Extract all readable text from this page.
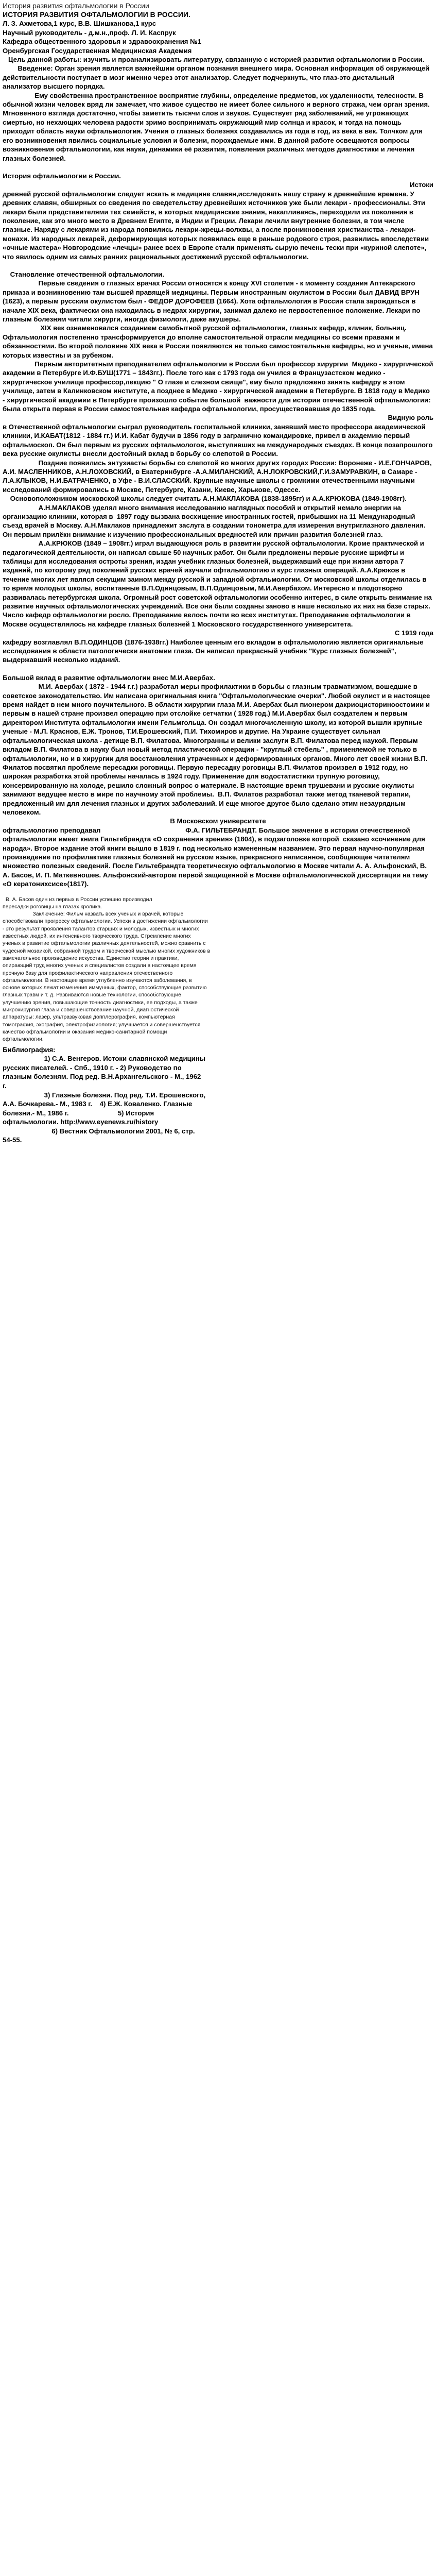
История развития офтальмологии в России

ИСТОРИЯ РАЗВИТИЯ ОФТАЛЬМОЛОГИИ В РОССИИ.

Л. З. Ахметова,1 курс, В.В. Шишканова,1 курс

Научный руководитель - д.м.н.,проф. Л. И. Каспрук

Кафедра общественного здоровья и здравоохранения №1

Оренбургская Государственная Медицинская Академия

Цель данной работы: изучить и проанализировать литературу, связанную с историей развития офтальмологии в России.

Введение: Орган зрения является важнейшим органом познания внешнего мира. Основная информация об окружающей действительности поступает в мозг именно через этот анализатор. Следует подчеркнуть, что глаз-это дистальный анализатор высшего порядка.

Ему свойственна пространственное восприятие глубины, определение предметов, их удаленности, телесности. В обычной жизни человек вряд ли замечает, что живое существо не имеет более сильного и верного стража, чем орган зрения. Мгновенного взгляда достаточно, чтобы заметить тысячи слов и звуков. Существует ряд заболеваний, не угрожающих смертью, но нехающих человека радости зримо воспринимать окружающий мир солнца и красок, и тогда на помощь приходит область науки офтальмология. Учения о глазных болезнях создавались из года в год, из века в век. Толчком для его возникновения явились социальные условия и болезни, порождаемые ими. В данной работе освещаются вопросы возникновения офтальмологии, как науки, динамики её развития, появления различных методов диагностики и лечения глазных болезней.

История офтальмологии в России.

Истоки

древней русской офтальмологии следует искать в медицине славян,исследовать нашу страну в древнейшие времена. У древних славян, обширных со сведения по сведетельству древнейших источников уже были лекари - профессионалы. Эти лекари были представителями тех семейств, в которых медицинские знания, накапливаясь, переходили из поколения в поколение, как это много место в Древнем Египте, в Индии и Греции. Лекари лечили внутренние болезни, в том числе глазные. Наряду с лекарями из народа появились лекари-жрецы-волхвы, а после проникновения христианства - лекари-монахи. Из народных лекарей, деформирующая которых появилась еще в раньше родового строя, развились впоследствии «очные мастера» Новгородские «лечцы» ранее всех в Европе стали применять сырую печень тески при «куриной слепоте», что явилось одним из самых ранних рациональных достижений русской офтальмологии.

Становление отечественной офтальмологии.

Первые сведения о глазных врачах России относятся к концу XVI столетия - к моменту создания Аптекарского приказа и возникновению там высшей правящей медицины. Первым иностранным окулистом в России был ДАВИД ВРУН (1623), а первым русским окулистом был - ФЕДОР ДОРОФЕЕВ (1664). Хота офтальмология в России стала зарождаться в начале XIX века, фактически она находилась в недрах хирургии, занимая далеко не первостепенное положение. Лекари по глазным болезням читали хирурги, иногда физиологи, даже акушеры.

XIX век ознаменовался созданием самобытной русской офтальмологии, глазных кафедр, клиник, больниц. Офтальмология постепенно трансформируется до вполне самостоятельной отрасли медицины со всеми правами и обязанностями. Во второй половине XIX века в России появляются не только самостоятельные кафедры, но и ученые, имена которых известны и за рубежом.

Первым авторитетным преподавателем офтальмологии в России был профессор хирургии  Медико - хирургической академии в Петербурге И.Ф.БУШ(1771 – 1843гг.). После того как с 1793 года он учился в Французастском медико - хирургическое училище профессор,лекцию " О глазе и слезном свище", ему было предложено занять кафедру в этом училище, затем в Калинковском институте, а позднее в Медико - хирургической академии в Петербурге. В 1818 году в Медико - хирургической академии в Петербурге произошло событие большой  важности для истории отечественной офтальмологии: была открыта первая в России самостоятельная кафедра офтальмологии, просуществовавшая до 1835 года.

Видную роль

в Отечественной офтальмологии сыграл руководитель госпитальной клиники, занявший место профессора академической клиники, И.КАБАТ(1812 - 1884 гг.) И.И. Кабат будучи в 1856 году в загранично командировке, привел в академию первый офтальмоскоп. Он был первым из русских офтальмологов, выступивших на международных съездах. В конце позапрошлого века русские окулисты внесли достойный вклад в борьбу со слепотой в России.

Поздние появились энтузиасты борьбы со слепотой во многих других городах России: Воронеже - И.Е.ГОНЧАРОВ, А.И. МАСЛЕННИКОВ, А.Н.ЛОХОВСКИЙ, в Екатеринбурге -А.А.МИЛАНСКИЙ, А.Н.ЛОКРОВСКИЙ,Г.И.ЗАМУРАВКИН, в Самаре - Л.А.КЛЫКОВ, Н.И.БАТРАЧЕНКО, в Уфе - В.И.СЛАССКИЙ. Крупные научные школы с громкими отечественными научными исследований формировались в Москве, Петербурге, Казани, Киеве, Харькове, Одессе.

Основоположником московской школы следует считать А.Н.МАКЛАКОВА (1838-1895гг) и А.А.КРЮКОВА (1849-1908гг).

А.Н.МАКЛАКОВ уделял много внимания исследованию наглядных пособий и открытий немало энергии на организацию клиники, которая в  1897 году вызвана восхищение иностранных гостей, прибывших на 11 Международный съезд врачей в Москву. А.Н.Маклаков принадлежит заслуга в создании тонометра для измерения внутриглазного давления. Он первым прилёкн внимание к изучению профессиональных вредностей или причин развития болезней глаз.

А.А.КРЮКОВ (1849 – 1908гг.) играл выдающуюся роль в развитии русской офтальмологии. Кроме практической и педагогической деятельности, он написал свыше 50 научных работ. Он были предложены первые русские шрифты и таблицы для исследования остроты зрения, издан учебник глазных болезней, выдержавший еще при жизни автора 7 изданий, по которому ряд поколений русских врачей изучали офтальмологию и курс глазных операций. А.А.Крюков в течение многих лет являся секущим заином между русской и западной офтальмологии. От московской школы отделилась в то время молодых школы, воспитанные В.П.Одинцовым, В.П.Одинцовым, М.И.Авербахом. Интересно и плодотворно развивалась петербургская школа. Огромный рост советской офтальмологии особенно интерес, в силе открыть внимание на развитие научных офтальмологических учреждений. Все они были созданы заново в наше несколько их них на базе старых. Число кафедр офтальмологии росло. Преподавание велось почти во всех институтах. Преподавание офтальмологии в Москве осуществлялось на кафедре глазных болезней 1 Московского государственного университета.

С 1919 года

кафедру возглавлял В.П.ОДИНЦОВ (1876-1938гг.) Наиболее ценным его вкладом в офтальмологию является оригинальные исследования в области патологически анатомии глаза. Он написал прекрасный учебник "Курс глазных болезней", выдержавший несколько изданий.

Большой вклад в развитие офтальмологии внес М.И.Авербах.

М.И. Авербах ( 1872 - 1944 г.г.) разработал меры профилактики в борьбы с глазным травматизмом, вошедшие в советское законодательство. Им написана оригинальная книга "Офтальмологические очерки". Любой окулист и в настоящее время найдет в нем много поучительного. В области хирургии глаза М.И. Авербах был пионером дакриоцисториноостомии и первым в нашей стране произвел операцию при отслойке сетчатки ( 1928 год.) М.И.Авербах был создателем и первым директором Института офтальмологии имени Гельмгольца. Он создал многочисленную школу, из которой вышли крупные ученые - М.Л. Краснов, Е.Ж. Тронов, Т.И.Ерошевский, П.И. Тихомиров и другие. На Украине существует сильная офтальмологическая школа - детище В.П. Филатова. Многогранны и велики заслуги В.П. Филатова перед наукой. Первым вкладом В.П. Филатова в науку был новый метод пластической операции - "круглый стебель" , применяемой не только в офтальмологии, но и в хирургии для восстановления утраченных и деформированных органов. Много лет своей жизни В.П. Филатов посвятил проблеме пересадки роговицы. Первую пересадку роговицы В.П. Филатов произвел в 1912 году, но широкая разработка этой проблемы началась в 1924 году. Применение для водостатистики трупную роговицу, консервированную на холоде, решило сложный вопрос о материале. В настоящие время трушевани и русские окулисты занимают ведущее место в мире по научному этой проблемы.  В.П. Филатов разработал также метод тканевой терапии, предложенный им для лечения глазных и других заболеваний. И еще многое другое было сделано этим незаурядным человеком.

В Московском университете

офтальмологию преподавал                                             Ф.А. ГИЛЬТЕБРАНДТ. Большое значение в истории отечественной офтальмологии имеет книга Гильтебрандта «О сохранении зрения» (1804), в подзаголовке которой  сказано «сочинение для народа». Второе издание этой книги вышло в 1819 г. под несколько измененным названием. Это первая научно-популярная произведение по профилактике глазных болезней на русском языке, прекрасного написанное, сообщающее читателям множество полезных сведений. После Гильтебрандта теоретическую офтальмологию в Москве читали А. А. Альфонский, В. А. Басов, И. П. Маткевношев. Альфонский-автором первой защищенной в Москве офтальмологической диссертации на тему «О кератонихсисе»(1817).

В. А. Басов один из первых в России успешно производил

пересадки роговицы на глазах кролика.

Заключение: Фильм назвать всех ученых и врачей, которые

способствовали прогрессу офтальмологии. Успехи в достижении офтальмологии

- это результат проявления талантов старших и молодых, известных и многих

известных людей, их интенсивного творческого труда. Стремление многих

ученых в развитие офтальмологии различных деятельностей, можно сравнить с

чудесной мозаикой, собранной трудом и творческой мыслью многих художников в

замечательное произведение искусства. Единство теории и практики,

опирающий труд многих ученых и специалистов создали в настоящее время

прочную базу для профилактического направления отечественного

офтальмологии. В настоящее время углубленно изучаются заболевания, в

основе которых лежат изменения иммунных, фактор, способствующие развитию

глазных травм и т. д. Развиваются новые технологии, способствующие

улучшению зрения, повышающие точность диагностики, ее подходы, а также

микрохирургия глаза и совершенствование научной, диагностической

аппаратуры: лазер, ультразвуковая допплерография, компьютерная

томография, эхография, электрофизиология; улучшается и совершенствуется

качество офтальмологии и оказания медико-санитарной помощи

офтальмологии.

Библиография:

1) С.А. Венгеров. Истоки славянской медицины

русских писателей. - Спб., 1910 г. - 2) Руководство по

глазным болезням. Под ред. В.Н.Архангельского - М., 1962

г.

3) Глазные болезни. Под ред. Т.И. Ерошевского,

А.А. Бочкарева.- М., 1983 г.    4) Е.Ж. Коваленко. Глазные

болезни.- М., 1986 г.                          5) История

офтальмологии. http://www.eyenews.ru/history

6) Вестник Офтальмологии 2001, № 6, стр.

54-55.
